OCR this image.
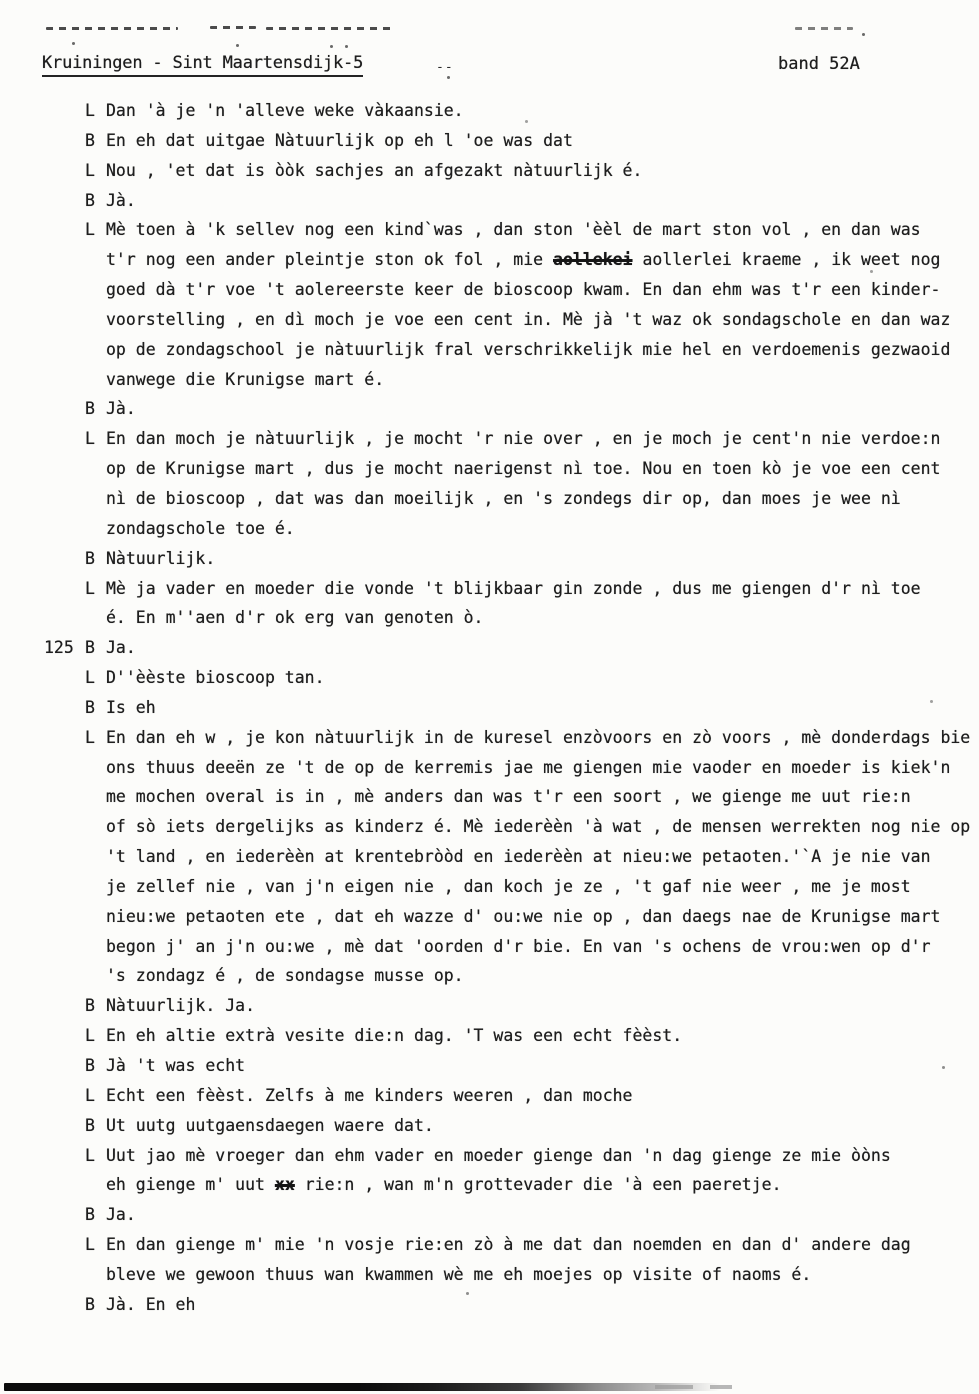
Kruiningen - Sint Maartensdijk-5	--	band 52A
L Dan 'à je 'n 'alleve weke vàkaansie.
B En eh dat uitgae Nàtuurlijk op eh l 'oe was dat
L Nou , 'et dat is òòk sachjes an afgezakt nàtuurlijk é.
B Jà.
L Mè toen à 'k sellev nog een kind`was , dan ston 'èèl de mart ston vol , en dan was
t'r nog een ander pleintje ston ok fol , mie aollekei aollerlei kraeme , ik weet nog
goed dà t'r voe 't aolereerste keer de bioscoop kwam. En dan ehm was t'r een kinder-
voorstelling , en dì moch je voe een cent in. Mè jà 't waz ok sondagschole en dan waz
op de zondagschool je nàtuurlijk fral verschrikkelijk mie hel en verdoemenis gezwaoid
vanwege die Krunigse mart é.
B Jà.
L En dan moch je nàtuurlijk , je mocht 'r nie over , en je moch je cent'n nie verdoe:n
op de Krunigse mart , dus je mocht naerigenst nì toe. Nou en toen kò je voe een cent
nì de bioscoop , dat was dan moeilijk , en 's zondegs dir op, dan moes je wee nì
zondagschole toe é.
B Nàtuurlijk.
L Mè ja vader en moeder die vonde 't blijkbaar gin zonde , dus me giengen d'r nì toe
é. En m''aen d'r ok erg van genoten ò.
125 B Ja.
L D''èèste bioscoop tan.
B Is eh
L En dan eh w , je kon nàtuurlijk in de kuresel enzòvoors en zò voors , mè donderdags bie
ons thuus deeën ze 't de op de kerremis jae me giengen mie vaoder en moeder is kiek'n
me mochen overal is in , mè anders dan was t'r een soort , we gienge me uut rie:n
of sò iets dergelijks as kinderz é. Mè iederèèn 'à wat , de mensen werrekten nog nie op
't land , en iederèèn at krentebròòd en iederèèn at nieu:we petaoten.'`A je nie van
je zellef nie , van j'n eigen nie , dan koch je ze , 't gaf nie weer , me je most
nieu:we petaoten ete , dat eh wazze d' ou:we nie op , dan daegs nae de Krunigse mart
begon j' an j'n ou:we , mè dat 'oorden d'r bie. En van 's ochens de vrou:wen op d'r
's zondagz é , de sondagse musse op.
B Nàtuurlijk. Ja.
L En eh altie extrà vesite die:n dag. 'T was een echt fèèst.
B Jà 't was echt
L Echt een fèèst. Zelfs à me kinders weeren , dan moche
B Ut uutg uutgaensdaegen waere dat.
L Uut jao mè vroeger dan ehm vader en moeder gienge dan 'n dag gienge ze mie òòns
eh gienge m' uut xx rie:n , wan m'n grottevader die 'à een paeretje.
B Ja.
L En dan gienge m' mie 'n vosje rie:en zò à me dat dan noemden en dan d' andere dag
bleve we gewoon thuus wan kwammen wè me eh moejes op visite of naoms é.
B Jà. En eh
